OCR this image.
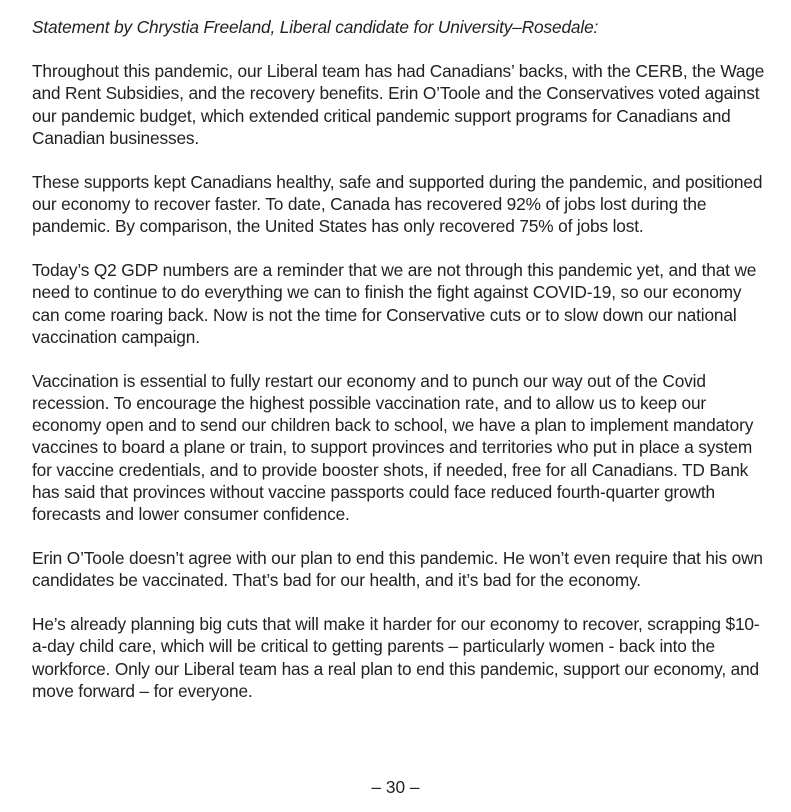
Statement by Chrystia Freeland, Liberal candidate for University–Rosedale:

Throughout this pandemic, our Liberal team has had Canadians’ backs, with the CERB, the Wage and Rent Subsidies, and the recovery benefits. Erin O’Toole and the Conservatives voted against our pandemic budget, which extended critical pandemic support programs for Canadians and Canadian businesses.

These supports kept Canadians healthy, safe and supported during the pandemic, and positioned our economy to recover faster. To date, Canada has recovered 92% of jobs lost during the pandemic. By comparison, the United States has only recovered 75% of jobs lost.

Today’s Q2 GDP numbers are a reminder that we are not through this pandemic yet, and that we need to continue to do everything we can to finish the fight against COVID-19, so our economy can come roaring back. Now is not the time for Conservative cuts or to slow down our national vaccination campaign.

Vaccination is essential to fully restart our economy and to punch our way out of the Covid recession. To encourage the highest possible vaccination rate, and to allow us to keep our economy open and to send our children back to school, we have a plan to implement mandatory vaccines to board a plane or train, to support provinces and territories who put in place a system for vaccine credentials, and to provide booster shots, if needed, free for all Canadians. TD Bank has said that provinces without vaccine passports could face reduced fourth-quarter growth forecasts and lower consumer confidence.

Erin O’Toole doesn’t agree with our plan to end this pandemic. He won’t even require that his own candidates be vaccinated. That’s bad for our health, and it’s bad for the economy.

He’s already planning big cuts that will make it harder for our economy to recover, scrapping $10-a-day child care, which will be critical to getting parents – particularly women - back into the workforce. Only our Liberal team has a real plan to end this pandemic, support our economy, and move forward – for everyone.

– 30 –
